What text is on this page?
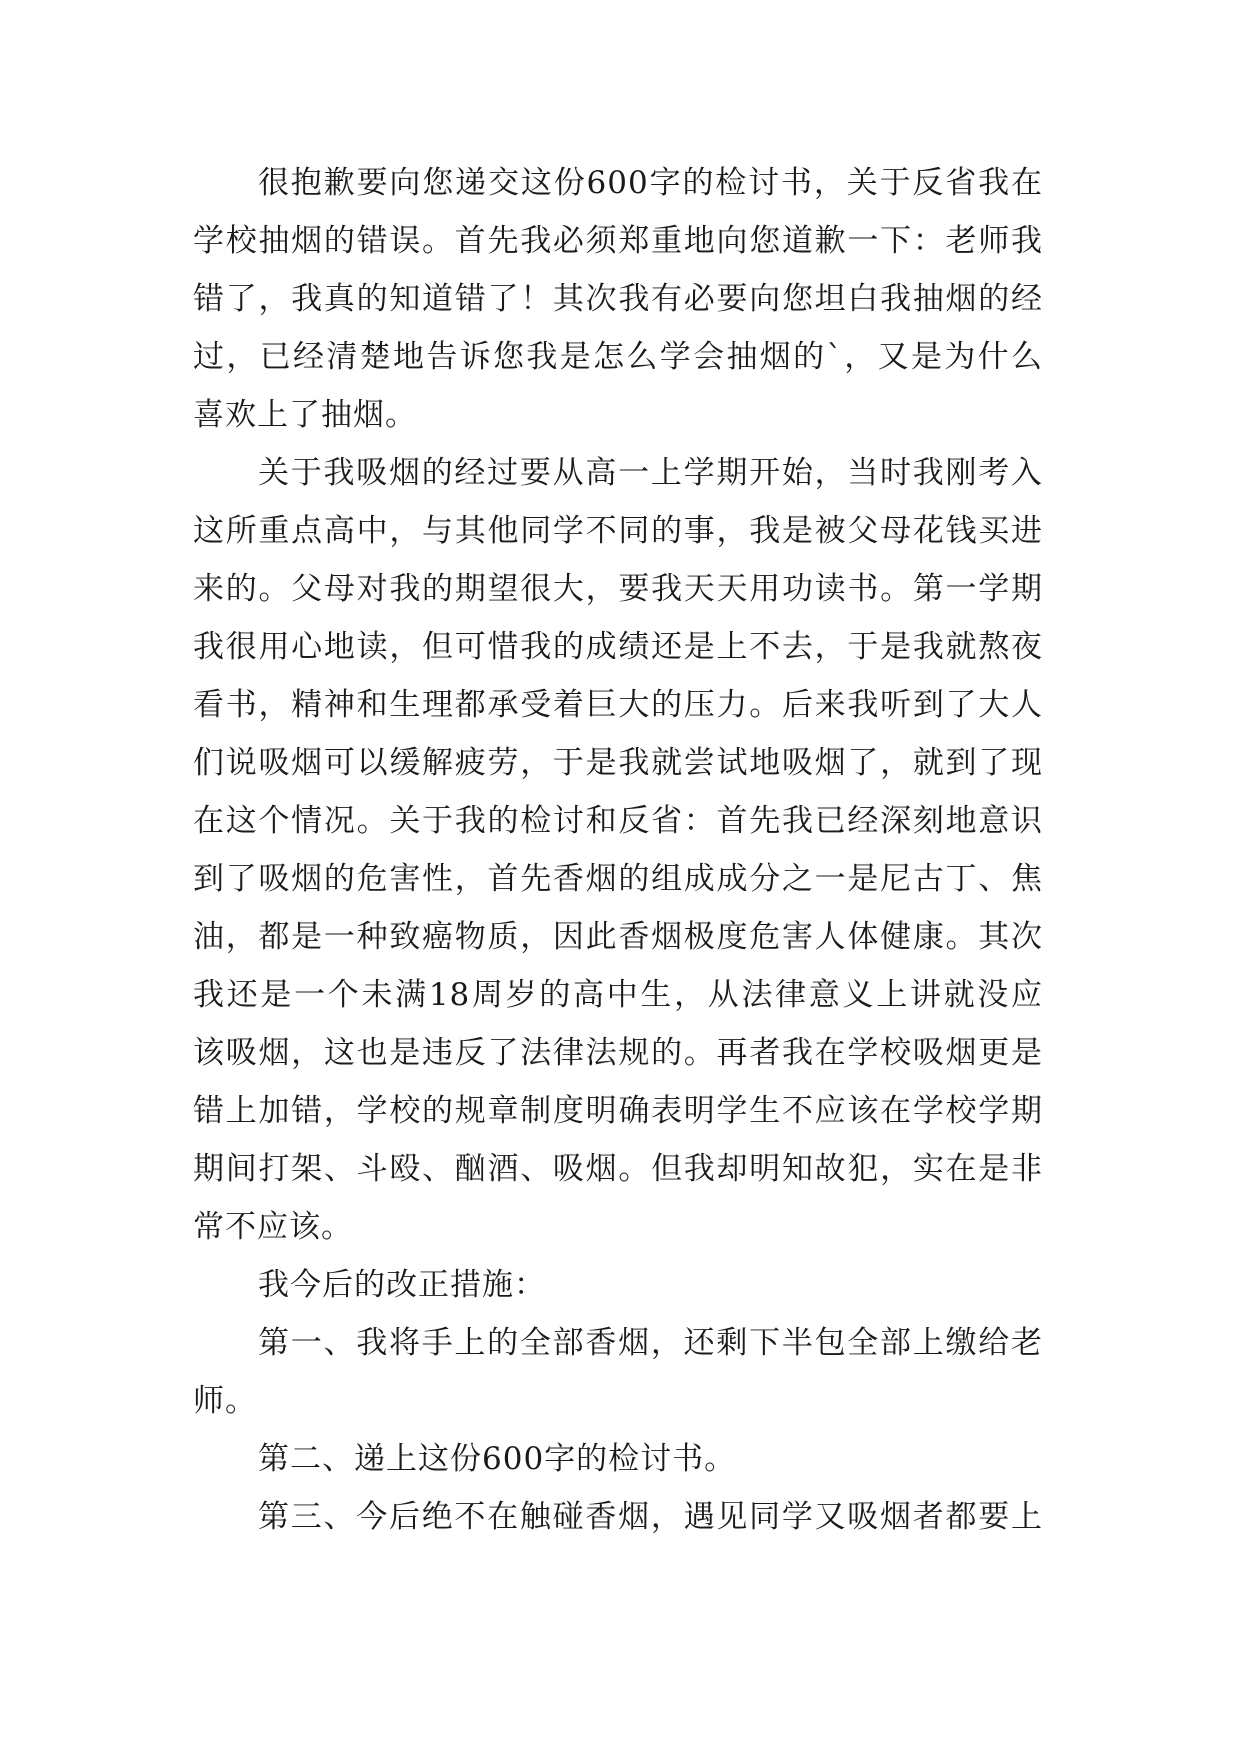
很抱歉要向您递交这份600字的检讨书，关于反省我在
学校抽烟的错误。首先我必须郑重地向您道歉一下：老师我
错了，我真的知道错了！其次我有必要向您坦白我抽烟的经
过，已经清楚地告诉您我是怎么学会抽烟的`，又是为什么
喜欢上了抽烟。
关于我吸烟的经过要从高一上学期开始，当时我刚考入
这所重点高中，与其他同学不同的事，我是被父母花钱买进
来的。父母对我的期望很大，要我天天用功读书。第一学期
我很用心地读，但可惜我的成绩还是上不去，于是我就熬夜
看书，精神和生理都承受着巨大的压力。后来我听到了大人
们说吸烟可以缓解疲劳，于是我就尝试地吸烟了，就到了现
在这个情况。关于我的检讨和反省：首先我已经深刻地意识
到了吸烟的危害性，首先香烟的组成成分之一是尼古丁、焦
油，都是一种致癌物质，因此香烟极度危害人体健康。其次
我还是一个未满18周岁的高中生，从法律意义上讲就没应
该吸烟，这也是违反了法律法规的。再者我在学校吸烟更是
错上加错，学校的规章制度明确表明学生不应该在学校学期
期间打架、斗殴、酗酒、吸烟。但我却明知故犯，实在是非
常不应该。
我今后的改正措施：
第一、我将手上的全部香烟，还剩下半包全部上缴给老
师。
第二、递上这份600字的检讨书。
第三、今后绝不在触碰香烟，遇见同学又吸烟者都要上
